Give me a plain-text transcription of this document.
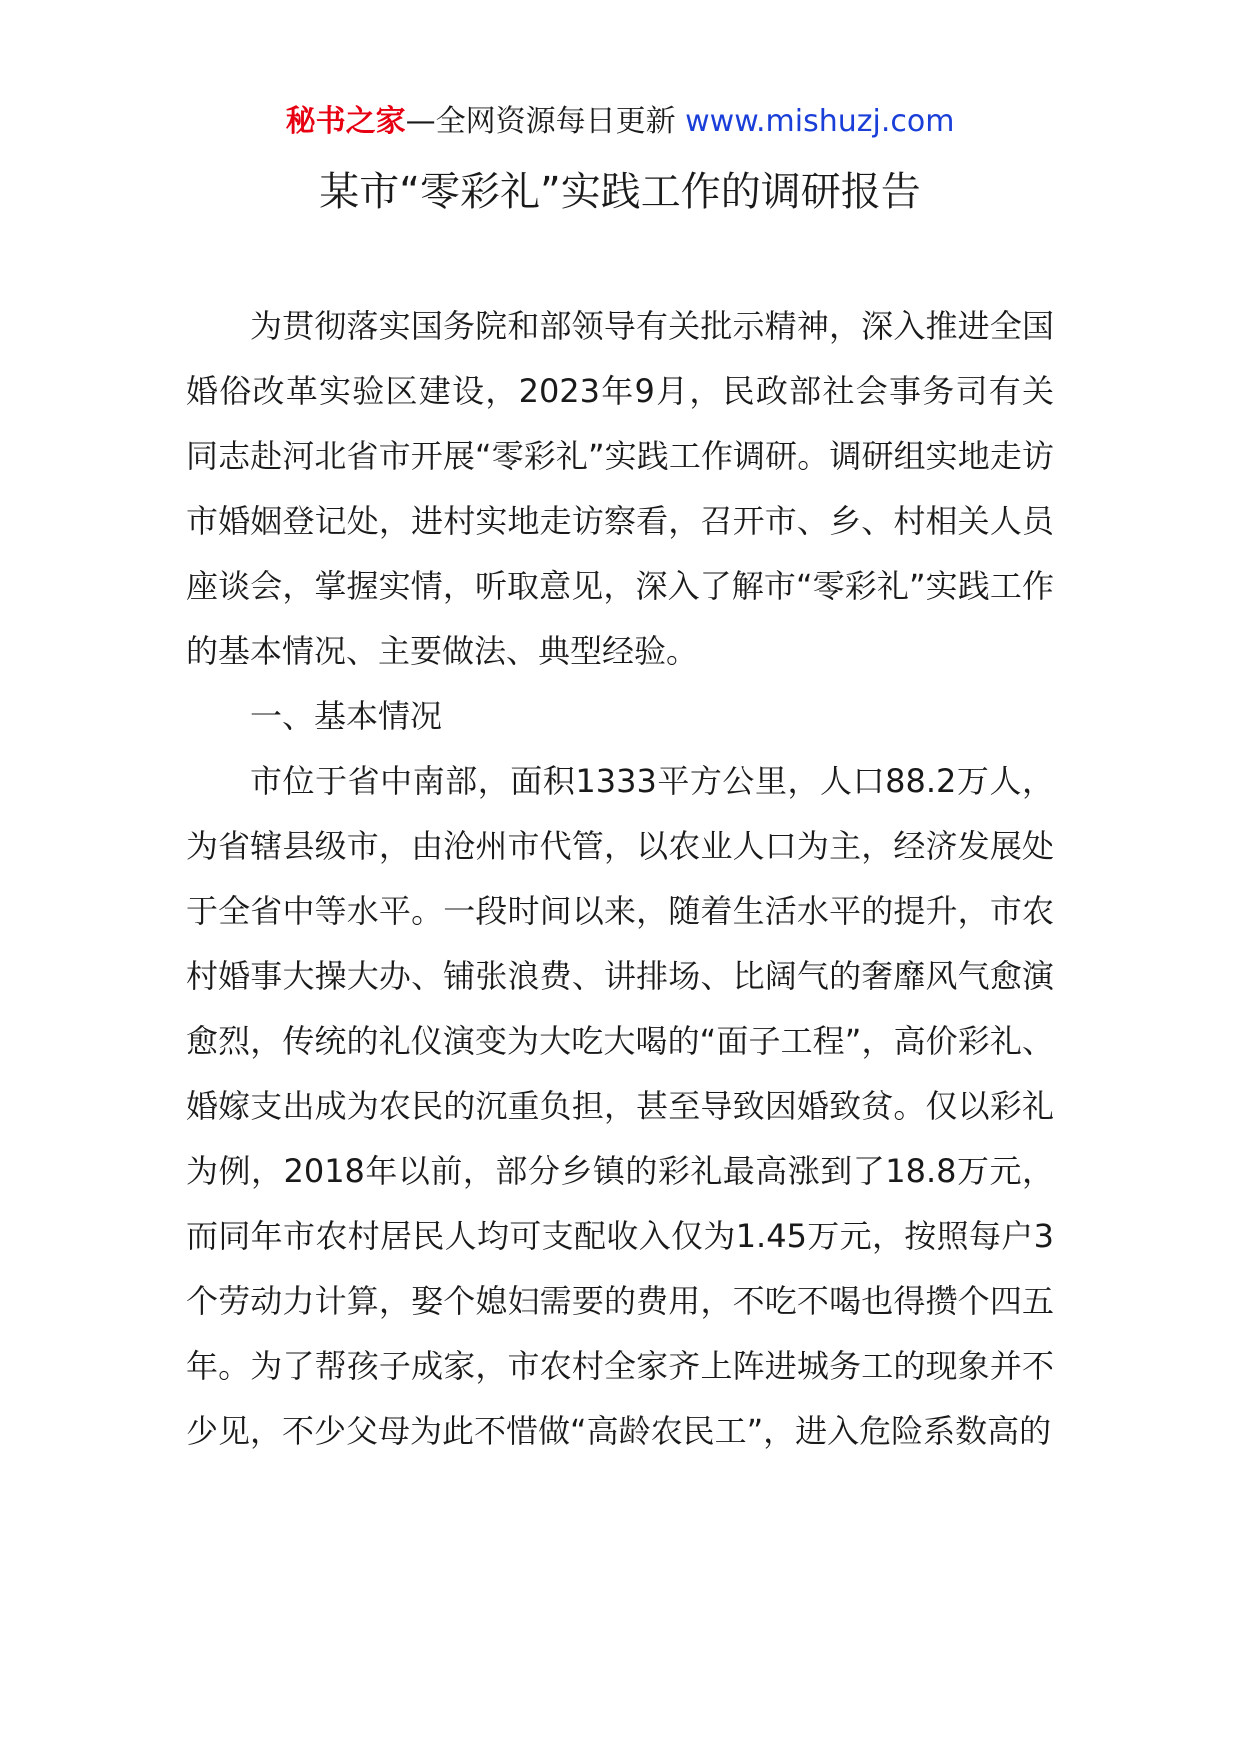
秘书之家—全网资源每日更新 www.mishuzj.com
某市“零彩礼”实践工作的调研报告

为贯彻落实国务院和部领导有关批示精神，深入推进全国婚俗改革实验区建设，2023年9月，民政部社会事务司有关同志赴河北省市开展“零彩礼”实践工作调研。调研组实地走访市婚姻登记处，进村实地走访察看，召开市、乡、村相关人员座谈会，掌握实情，听取意见，深入了解市“零彩礼”实践工作的基本情况、主要做法、典型经验。

一、基本情况

市位于省中南部，面积1333平方公里，人口88.2万人，为省辖县级市，由沧州市代管，以农业人口为主，经济发展处于全省中等水平。一段时间以来，随着生活水平的提升，市农村婚事大操大办、铺张浪费、讲排场、比阔气的奢靡风气愈演愈烈，传统的礼仪演变为大吃大喝的“面子工程”，高价彩礼、婚嫁支出成为农民的沉重负担，甚至导致因婚致贫。仅以彩礼为例，2018年以前，部分乡镇的彩礼最高涨到了18.8万元，而同年市农村居民人均可支配收入仅为1.45万元，按照每户3个劳动力计算，娶个媳妇需要的费用，不吃不喝也得攒个四五年。为了帮孩子成家，市农村全家齐上阵进城务工的现象并不少见，不少父母为此不惜做“高龄农民工”，进入危险系数高的
